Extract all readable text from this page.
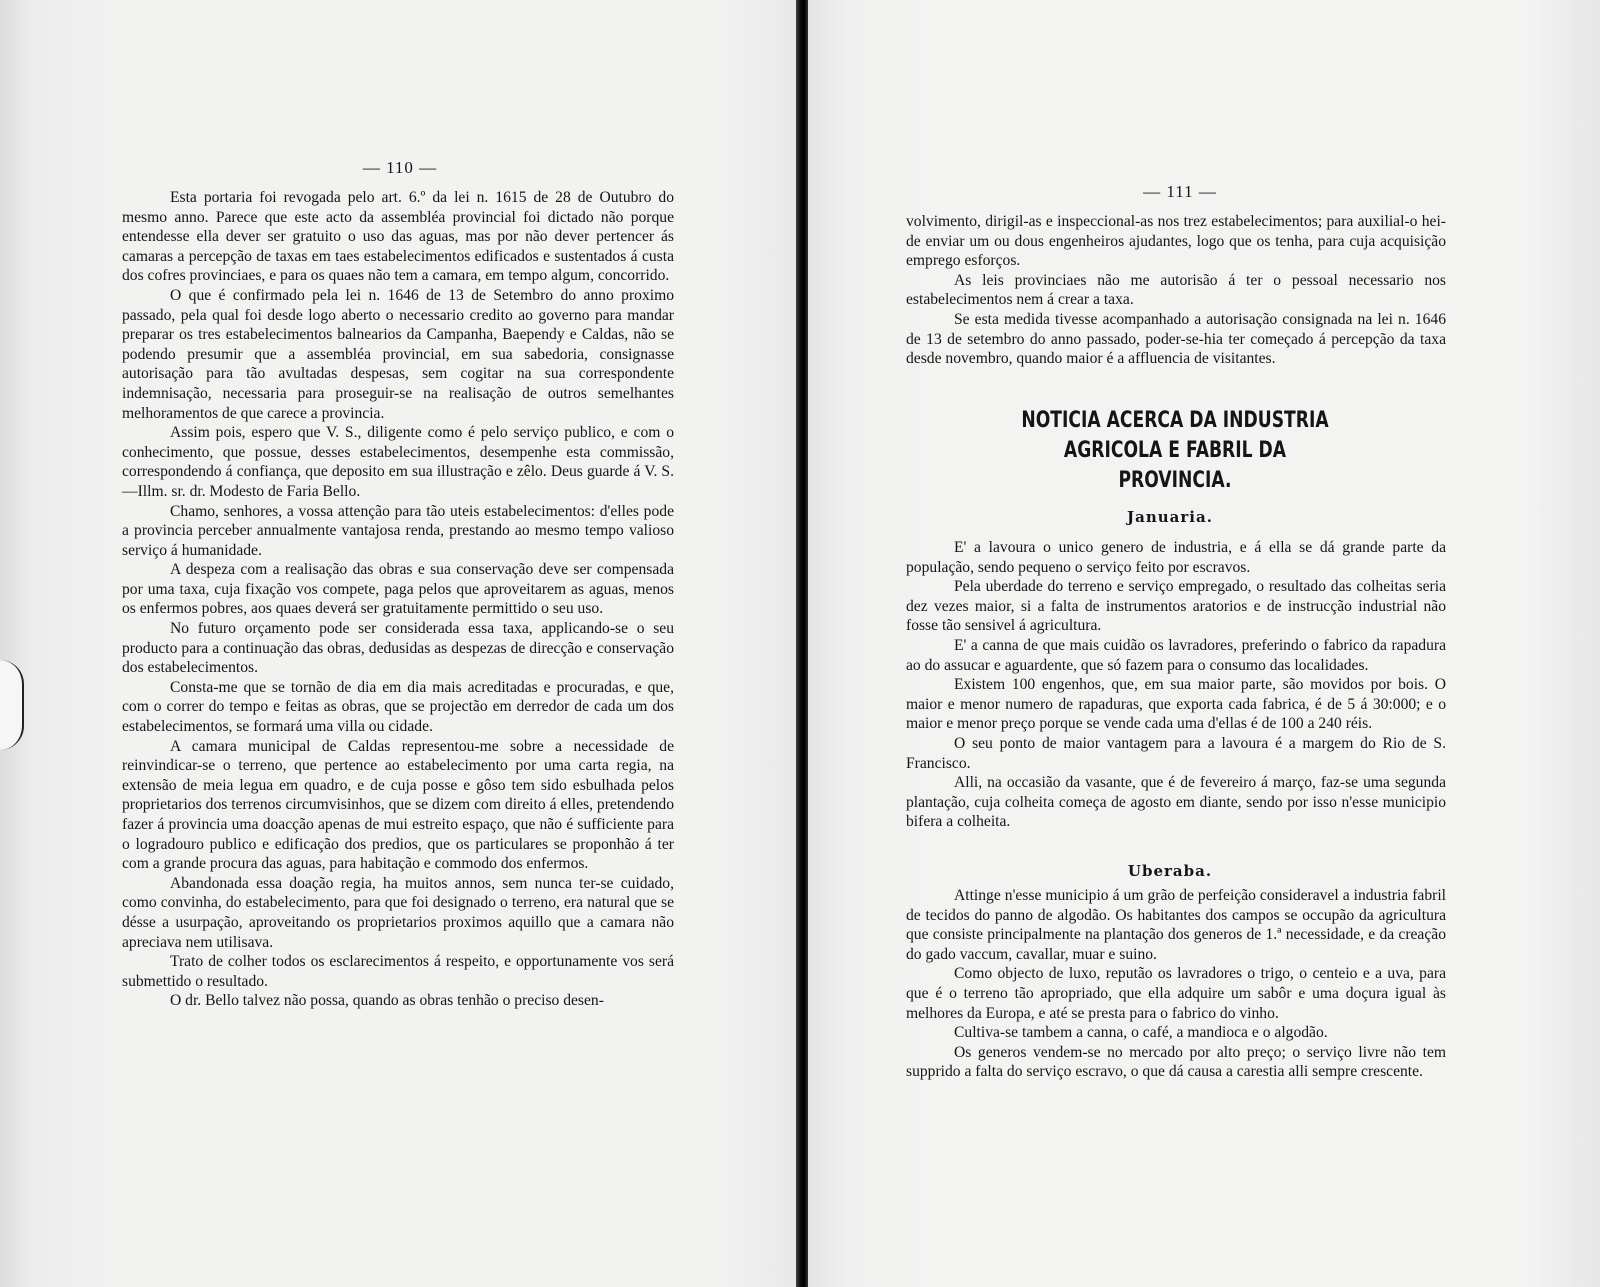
— 110 —

Esta portaria foi revogada pelo art. 6.º da lei n. 1615 de 28 de Outubro do mesmo anno. Parece que este acto da assembléa provincial foi dictado não porque entendesse ella dever ser gratuito o uso das aguas, mas por não dever pertencer ás camaras a percepção de taxas em taes estabelecimentos edificados e sustentados á custa dos cofres provinciaes, e para os quaes não tem a camara, em tempo algum, concorrido.

O que é confirmado pela lei n. 1646 de 13 de Setembro do anno proximo passado, pela qual foi desde logo aberto o necessario credito ao governo para mandar preparar os tres estabelecimentos balnearios da Campanha, Baependy e Caldas, não se podendo presumir que a assembléa provincial, em sua sabedoria, consignasse autorisação para tão avultadas despesas, sem cogitar na sua correspondente indemnisação, necessaria para proseguir-se na realisação de outros semelhantes melhoramentos de que carece a provincia.

Assim pois, espero que V. S., diligente como é pelo serviço publico, e com o conhecimento, que possue, desses estabelecimentos, desempenhe esta commissão, correspondendo á confiança, que deposito em sua illustração e zêlo. Deus guarde á V. S.—Illm. sr. dr. Modesto de Faria Bello.

Chamo, senhores, a vossa attenção para tão uteis estabelecimentos: d'elles pode a provincia perceber annualmente vantajosa renda, prestando ao mesmo tempo valioso serviço á humanidade.

A despeza com a realisação das obras e sua conservação deve ser compensada por uma taxa, cuja fixação vos compete, paga pelos que aproveitarem as aguas, menos os enfermos pobres, aos quaes deverá ser gratuitamente permittido o seu uso.

No futuro orçamento pode ser considerada essa taxa, applicando-se o seu producto para a continuação das obras, dedusidas as despezas de direcção e conservação dos estabelecimentos.

Consta-me que se tornão de dia em dia mais acreditadas e procuradas, e que, com o correr do tempo e feitas as obras, que se projectão em derredor de cada um dos estabelecimentos, se formará uma villa ou cidade.

A camara municipal de Caldas representou-me sobre a necessidade de reinvindicar-se o terreno, que pertence ao estabelecimento por uma carta regia, na extensão de meia legua em quadro, e de cuja posse e gôso tem sido esbulhada pelos proprietarios dos terrenos circumvisinhos, que se dizem com direito á elles, pretendendo fazer á provincia uma doacção apenas de mui estreito espaço, que não é sufficiente para o logradouro publico e edificação dos predios, que os particulares se proponhão á ter com a grande procura das aguas, para habitação e commodo dos enfermos.

Abandonada essa doação regia, ha muitos annos, sem nunca ter-se cuidado, como convinha, do estabelecimento, para que foi designado o terreno, era natural que se désse a usurpação, aproveitando os proprietarios proximos aquillo que a camara não apreciava nem utilisava.

Trato de colher todos os esclarecimentos á respeito, e opportunamente vos será submettido o resultado.

O dr. Bello talvez não possa, quando as obras tenhão o preciso desen-

— 111 —

volvimento, dirigil-as e inspeccional-as nos trez estabelecimentos; para auxilial-o hei-de enviar um ou dous engenheiros ajudantes, logo que os tenha, para cuja acquisição emprego esforços.

As leis provinciaes não me autorisão á ter o pessoal necessario nos estabelecimentos nem á crear a taxa.

Se esta medida tivesse acompanhado a autorisação consignada na lei n. 1646 de 13 de setembro do anno passado, poder-se-hia ter começado á percepção da taxa desde novembro, quando maior é a affluencia de visitantes.

NOTICIA ACERCA DA INDUSTRIA AGRICOLA E FABRIL DA
PROVINCIA.
Januaria.

E' a lavoura o unico genero de industria, e á ella se dá grande parte da população, sendo pequeno o serviço feito por escravos.

Pela uberdade do terreno e serviço empregado, o resultado das colheitas seria dez vezes maior, si a falta de instrumentos aratorios e de instrucção industrial não fosse tão sensivel á agricultura.

E' a canna de que mais cuidão os lavradores, preferindo o fabrico da rapadura ao do assucar e aguardente, que só fazem para o consumo das localidades.

Existem 100 engenhos, que, em sua maior parte, são movidos por bois. O maior e menor numero de rapaduras, que exporta cada fabrica, é de 5 á 30:000; e o maior e menor preço porque se vende cada uma d'ellas é de 100 a 240 réis.

O seu ponto de maior vantagem para a lavoura é a margem do Rio de S. Francisco.

Alli, na occasião da vasante, que é de fevereiro á março, faz-se uma segunda plantação, cuja colheita começa de agosto em diante, sendo por isso n'esse municipio bifera a colheita.

Uberaba.

Attinge n'esse municipio á um grão de perfeição consideravel a industria fabril de tecidos do panno de algodão. Os habitantes dos campos se occupão da agricultura que consiste principalmente na plantação dos generos de 1.ª necessidade, e da creação do gado vaccum, cavallar, muar e suino.

Como objecto de luxo, reputão os lavradores o trigo, o centeio e a uva, para que é o terreno tão apropriado, que ella adquire um sabôr e uma doçura igual às melhores da Europa, e até se presta para o fabrico do vinho.

Cultiva-se tambem a canna, o café, a mandioca e o algodão.

Os generos vendem-se no mercado por alto preço; o serviço livre não tem supprido a falta do serviço escravo, o que dá causa a carestia alli sempre crescente.
